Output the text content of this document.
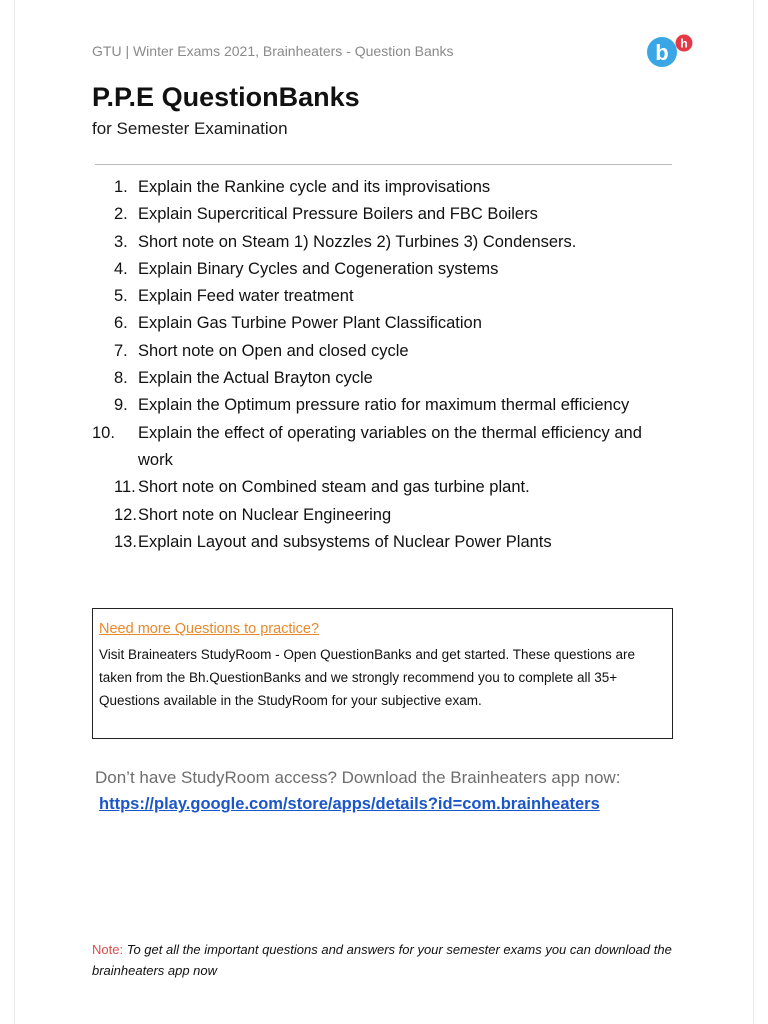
GTU | Winter Exams 2021, Brainheaters - Question Banks	b h
P.P.E QuestionBanks
for Semester Examination
1. Explain the Rankine cycle and its improvisations
2. Explain Supercritical Pressure Boilers and FBC Boilers
3. Short note on Steam 1) Nozzles 2) Turbines 3) Condensers.
4. Explain Binary Cycles and Cogeneration systems
5. Explain Feed water treatment
6. Explain Gas Turbine Power Plant Classification
7. Short note on Open and closed cycle
8. Explain the Actual Brayton cycle
9. Explain the Optimum pressure ratio for maximum thermal efficiency
10.	Explain the effect of operating variables on the thermal efficiency and work
11. Short note on Combined steam and gas turbine plant.
12. Short note on Nuclear Engineering
13. Explain Layout and subsystems of Nuclear Power Plants
Need more Questions to practice?
Visit Braineaters StudyRoom - Open QuestionBanks and get started. These questions are taken from the Bh.QuestionBanks and we strongly recommend you to complete all 35+ Questions available in the StudyRoom for your subjective exam.
Don’t have StudyRoom access? Download the Brainheaters app now:
https://play.google.com/store/apps/details?id=com.brainheaters
Note: To get all the important questions and answers for your semester exams you can download the brainheaters app now
